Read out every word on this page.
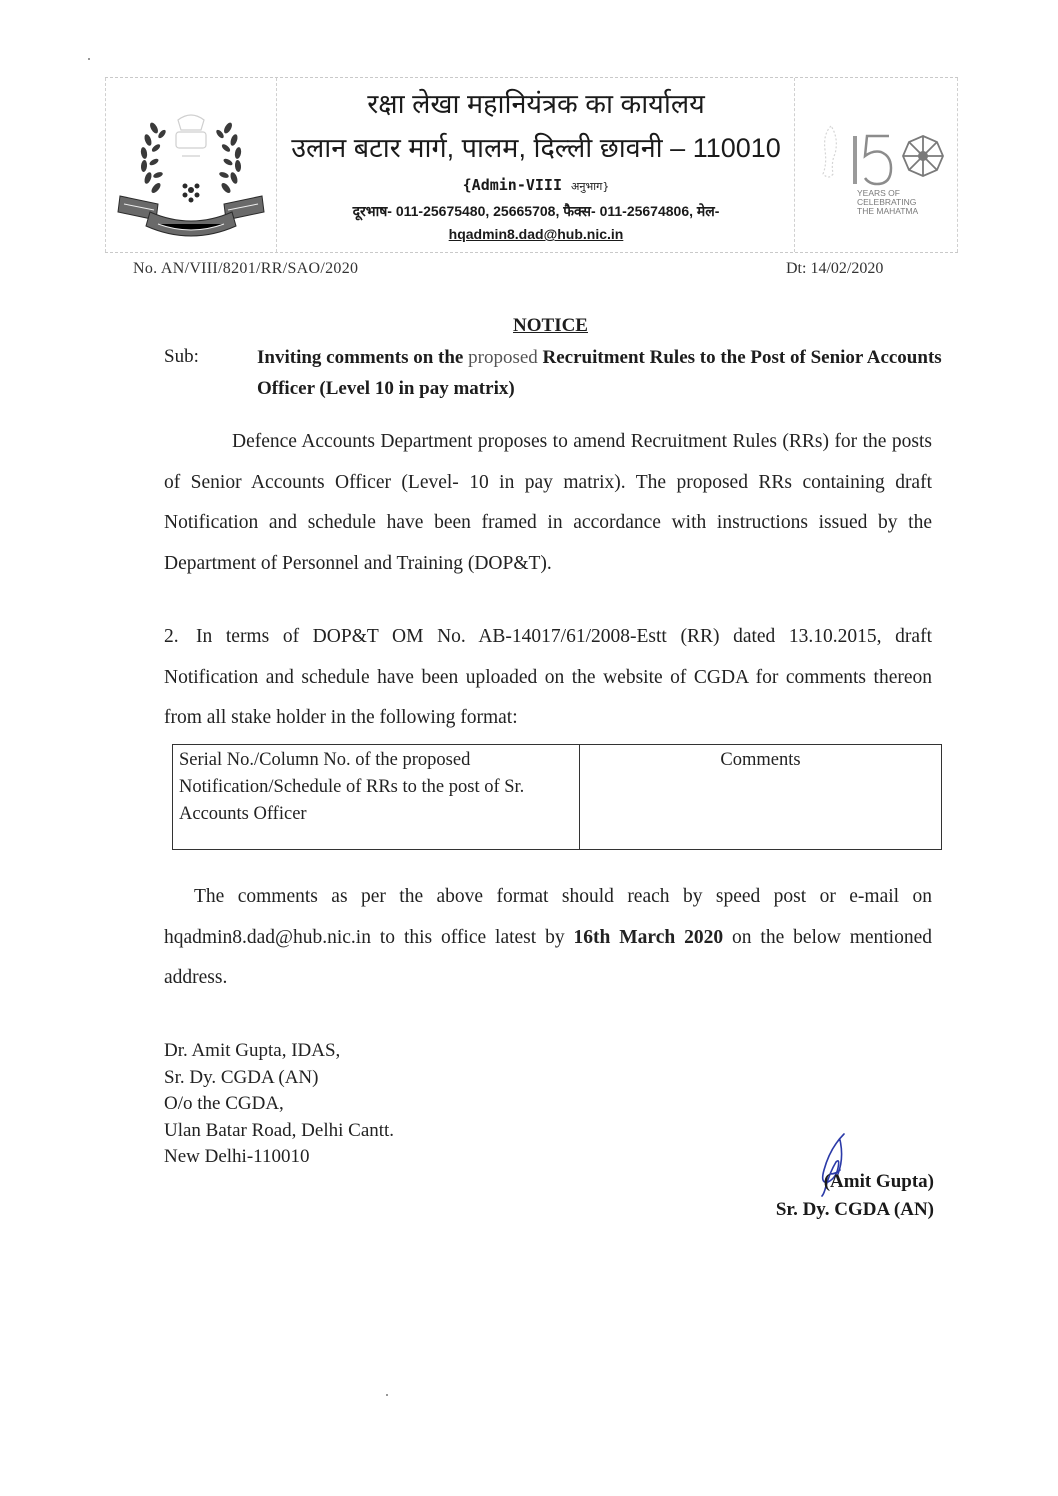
रक्षा लेखा महानियंत्रक का कार्यालय
उलान बटार मार्ग, पालम, दिल्ली छावनी – 110010
{Admin-VIII अनुभाग}
दूरभाष- 011-25675480, 25665708, फैक्स- 011-25674806, मेल-
hqadmin8.dad@hub.nic.in
YEARS OF
CELEBRATING
THE MAHATMA
No. AN/VIII/8201/RR/SAO/2020	Dt: 14/02/2020
NOTICE
Sub:	Inviting comments on the proposed Recruitment Rules to the Post of Senior Accounts Officer (Level 10 in pay matrix)
Defence Accounts Department proposes to amend Recruitment Rules (RRs) for the posts of Senior Accounts Officer (Level- 10 in pay matrix). The proposed RRs containing draft Notification and schedule have been framed in accordance with instructions issued by the Department of Personnel and Training (DOP&T).
2. In terms of DOP&T OM No. AB-14017/61/2008-Estt (RR) dated 13.10.2015, draft Notification and schedule have been uploaded on the website of CGDA for comments thereon from all stake holder in the following format:
Serial No./Column No. of the proposed Notification/Schedule of RRs to the post of Sr. Accounts Officer	Comments
The comments as per the above format should reach by speed post or e-mail on hqadmin8.dad@hub.nic.in to this office latest by 16th March 2020 on the below mentioned address.
Dr. Amit Gupta, IDAS,
Sr. Dy. CGDA (AN)
O/o the CGDA,
Ulan Batar Road, Delhi Cantt.
New Delhi-110010
(Amit Gupta)
Sr. Dy. CGDA (AN)
